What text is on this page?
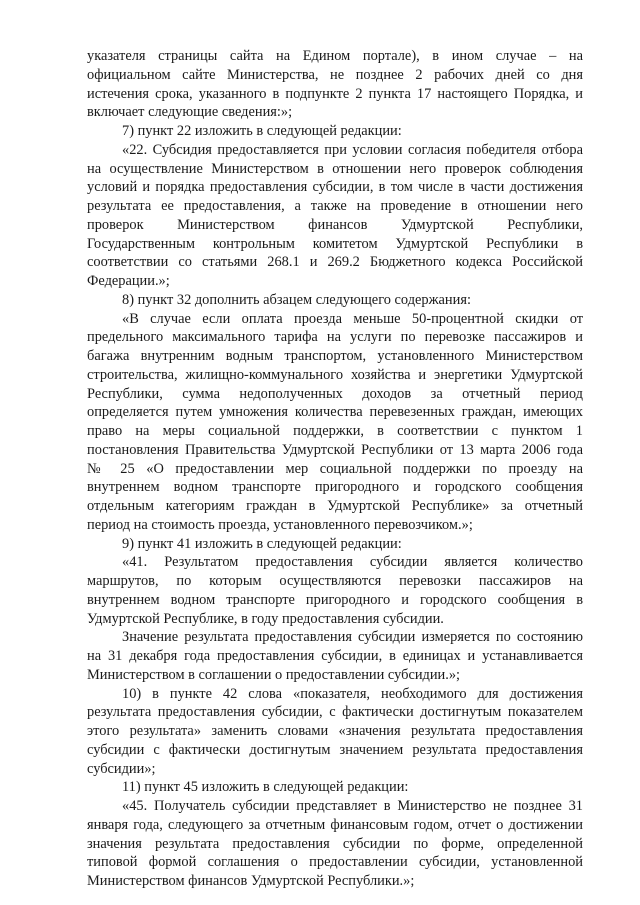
указателя страницы сайта на Едином портале), в ином случае – на
официальном сайте Министерства, не позднее 2 рабочих дней со дня
истечения срока, указанного в подпункте 2 пункта 17 настоящего Порядка, и
включает следующие сведения:»;
7) пункт 22 изложить в следующей редакции:
«22. Субсидия предоставляется при условии согласия победителя отбора
на осуществление Министерством в отношении него проверок соблюдения
условий и порядка предоставления субсидии, в том числе в части достижения
результата ее предоставления, а также на проведение в отношении него
проверок Министерством финансов Удмуртской Республики,
Государственным контрольным комитетом Удмуртской Республики в
соответствии со статьями 268.1 и 269.2 Бюджетного кодекса Российской
Федерации.»;
8) пункт 32 дополнить абзацем следующего содержания:
«В случае если оплата проезда меньше 50-процентной скидки от
предельного максимального тарифа на услуги по перевозке пассажиров и
багажа внутренним водным транспортом, установленного Министерством
строительства, жилищно-коммунального хозяйства и энергетики Удмуртской
Республики, сумма недополученных доходов за отчетный период
определяется путем умножения количества перевезенных граждан, имеющих
право на меры социальной поддержки, в соответствии с пунктом 1
постановления Правительства Удмуртской Республики от 13 марта 2006 года
№ 25 «О предоставлении мер социальной поддержки по проезду на
внутреннем водном транспорте пригородного и городского сообщения
отдельным категориям граждан в Удмуртской Республике» за отчетный
период на стоимость проезда, установленного перевозчиком.»;
9) пункт 41 изложить в следующей редакции:
«41. Результатом предоставления субсидии является количество
маршрутов, по которым осуществляются перевозки пассажиров на
внутреннем водном транспорте пригородного и городского сообщения в
Удмуртской Республике, в году предоставления субсидии.
Значение результата предоставления субсидии измеряется по состоянию
на 31 декабря года предоставления субсидии, в единицах и устанавливается
Министерством в соглашении о предоставлении субсидии.»;
10) в пункте 42 слова «показателя, необходимого для достижения
результата предоставления субсидии, с фактически достигнутым показателем
этого результата» заменить словами «значения результата предоставления
субсидии с фактически достигнутым значением результата предоставления
субсидии»;
11) пункт 45 изложить в следующей редакции:
«45. Получатель субсидии представляет в Министерство не позднее 31
января года, следующего за отчетным финансовым годом, отчет о достижении
значения результата предоставления субсидии по форме, определенной
типовой формой соглашения о предоставлении субсидии, установленной
Министерством финансов Удмуртской Республики.»;
